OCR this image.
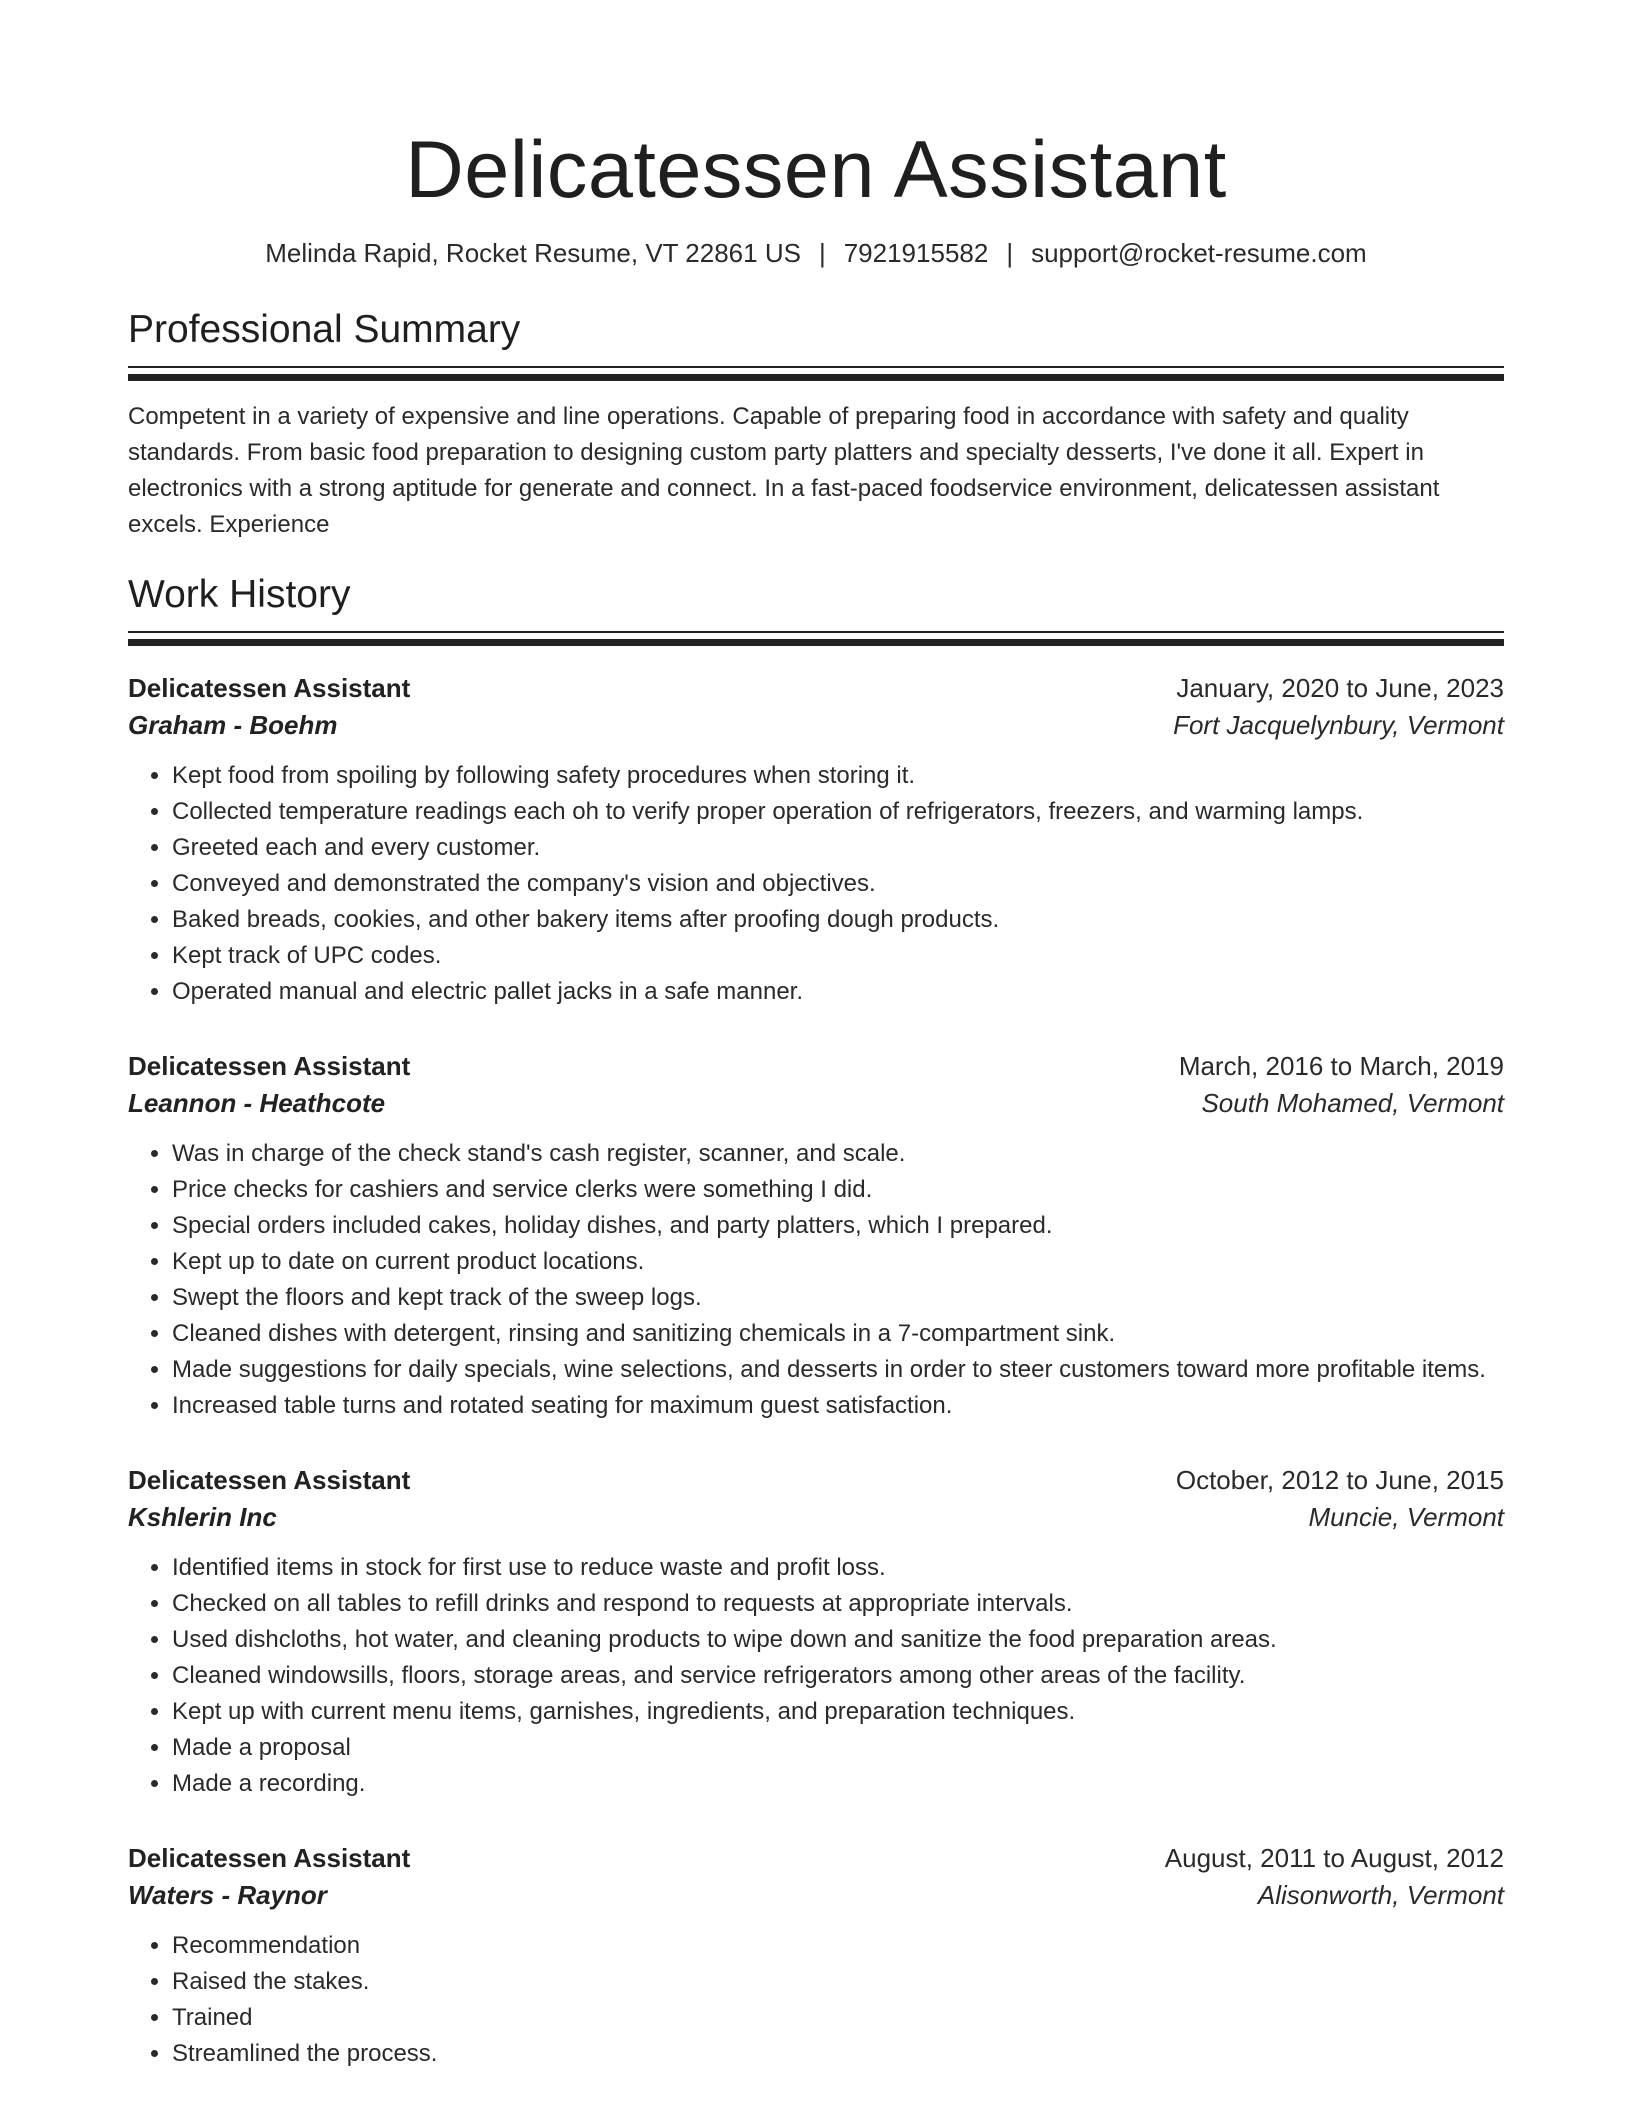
Delicatessen Assistant
Melinda Rapid, Rocket Resume, VT 22861 US | 7921915582 | support@rocket-resume.com
Professional Summary

Competent in a variety of expensive and line operations. Capable of preparing food in accordance with safety and quality standards. From basic food preparation to designing custom party platters and specialty desserts, I've done it all. Expert in electronics with a strong aptitude for generate and connect. In a fast-paced foodservice environment, delicatessen assistant excels. Experience

Work History
Delicatessen Assistant	January, 2020 to June, 2023
Graham - Boehm	Fort Jacquelynbury, Vermont
• Kept food from spoiling by following safety procedures when storing it.
• Collected temperature readings each oh to verify proper operation of refrigerators, freezers, and warming lamps.
• Greeted each and every customer.
• Conveyed and demonstrated the company's vision and objectives.
• Baked breads, cookies, and other bakery items after proofing dough products.
• Kept track of UPC codes.
• Operated manual and electric pallet jacks in a safe manner.
Delicatessen Assistant	March, 2016 to March, 2019
Leannon - Heathcote	South Mohamed, Vermont
• Was in charge of the check stand's cash register, scanner, and scale.
• Price checks for cashiers and service clerks were something I did.
• Special orders included cakes, holiday dishes, and party platters, which I prepared.
• Kept up to date on current product locations.
• Swept the floors and kept track of the sweep logs.
• Cleaned dishes with detergent, rinsing and sanitizing chemicals in a 7-compartment sink.
• Made suggestions for daily specials, wine selections, and desserts in order to steer customers toward more profitable items.
• Increased table turns and rotated seating for maximum guest satisfaction.
Delicatessen Assistant	October, 2012 to June, 2015
Kshlerin Inc	Muncie, Vermont
• Identified items in stock for first use to reduce waste and profit loss.
• Checked on all tables to refill drinks and respond to requests at appropriate intervals.
• Used dishcloths, hot water, and cleaning products to wipe down and sanitize the food preparation areas.
• Cleaned windowsills, floors, storage areas, and service refrigerators among other areas of the facility.
• Kept up with current menu items, garnishes, ingredients, and preparation techniques.
• Made a proposal
• Made a recording.
Delicatessen Assistant	August, 2011 to August, 2012
Waters - Raynor	Alisonworth, Vermont
• Recommendation
• Raised the stakes.
• Trained
• Streamlined the process.
